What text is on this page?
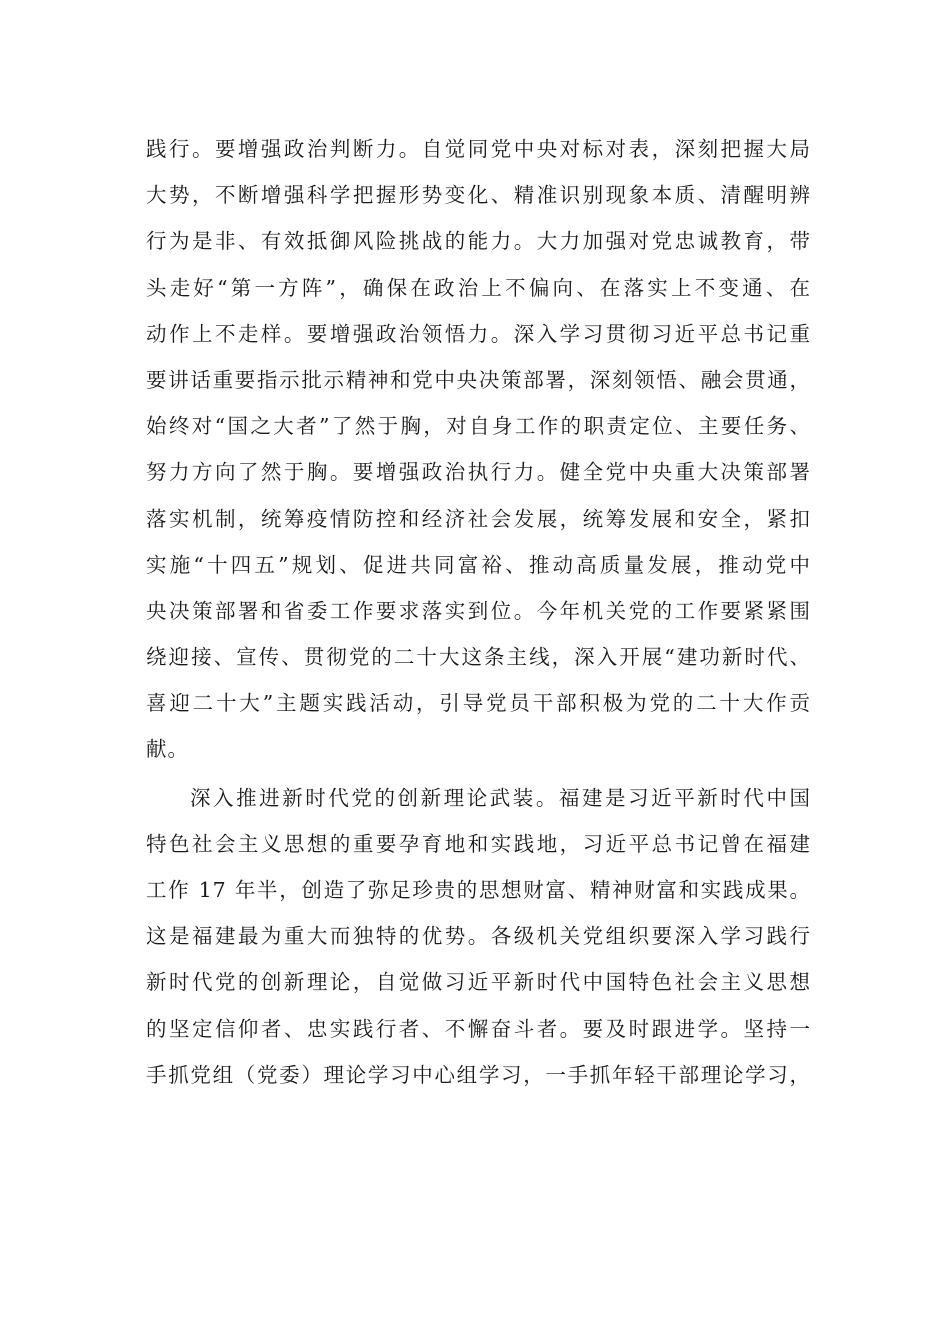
践行。要增强政治判断力。自觉同党中央对标对表，深刻把握大局
大势，不断增强科学把握形势变化、精准识别现象本质、清醒明辨
行为是非、有效抵御风险挑战的能力。大力加强对党忠诚教育，带
头走好“第一方阵”，确保在政治上不偏向、在落实上不变通、在
动作上不走样。要增强政治领悟力。深入学习贯彻习近平总书记重
要讲话重要指示批示精神和党中央决策部署，深刻领悟、融会贯通，
始终对“国之大者”了然于胸，对自身工作的职责定位、主要任务、
努力方向了然于胸。要增强政治执行力。健全党中央重大决策部署
落实机制，统筹疫情防控和经济社会发展，统筹发展和安全，紧扣
实施“十四五”规划、促进共同富裕、推动高质量发展，推动党中
央决策部署和省委工作要求落实到位。今年机关党的工作要紧紧围
绕迎接、宣传、贯彻党的二十大这条主线，深入开展“建功新时代、
喜迎二十大”主题实践活动，引导党员干部积极为党的二十大作贡
献。
深入推进新时代党的创新理论武装。福建是习近平新时代中国
特色社会主义思想的重要孕育地和实践地，习近平总书记曾在福建
工作 17 年半，创造了弥足珍贵的思想财富、精神财富和实践成果。
这是福建最为重大而独特的优势。各级机关党组织要深入学习践行
新时代党的创新理论，自觉做习近平新时代中国特色社会主义思想
的坚定信仰者、忠实践行者、不懈奋斗者。要及时跟进学。坚持一
手抓党组（党委）理论学习中心组学习，一手抓年轻干部理论学习，
